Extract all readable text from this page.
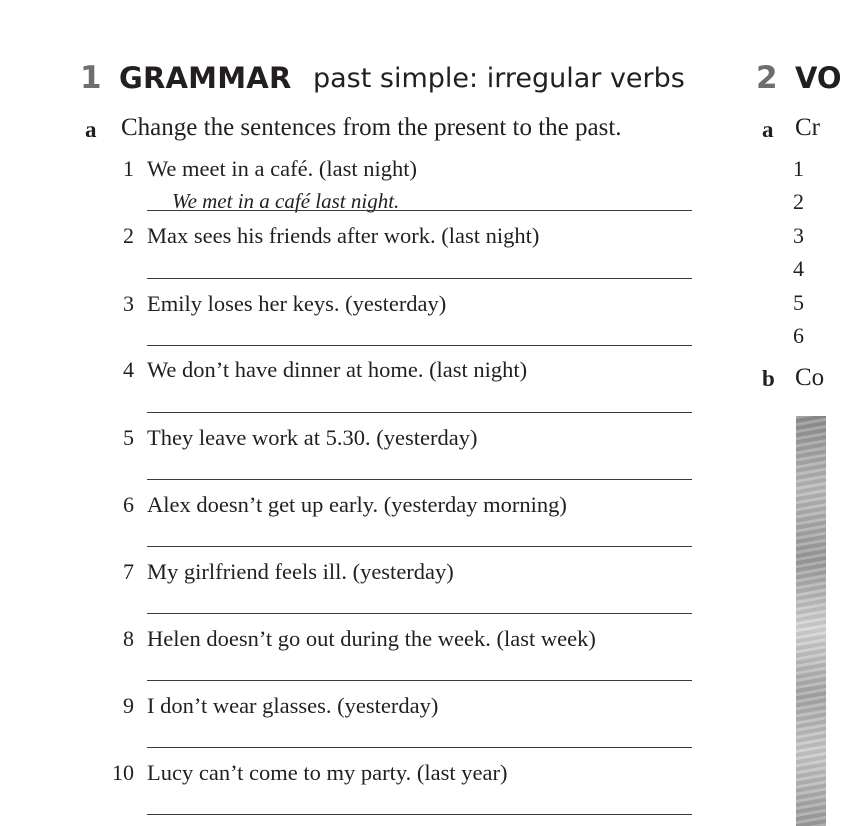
1 GRAMMAR past simple: irregular verbs
a Change the sentences from the present to the past.
1 We meet in a café. (last night)
We met in a café last night.
2 Max sees his friends after work. (last night)
3 Emily loses her keys. (yesterday)
4 We don’t have dinner at home. (last night)
5 They leave work at 5.30. (yesterday)
6 Alex doesn’t get up early. (yesterday morning)
7 My girlfriend feels ill. (yesterday)
8 Helen doesn’t go out during the week. (last week)
9 I don’t wear glasses. (yesterday)
10 Lucy can’t come to my party. (last year)
2 VO
a Cr
1
2
3
4
5
6
b Co
